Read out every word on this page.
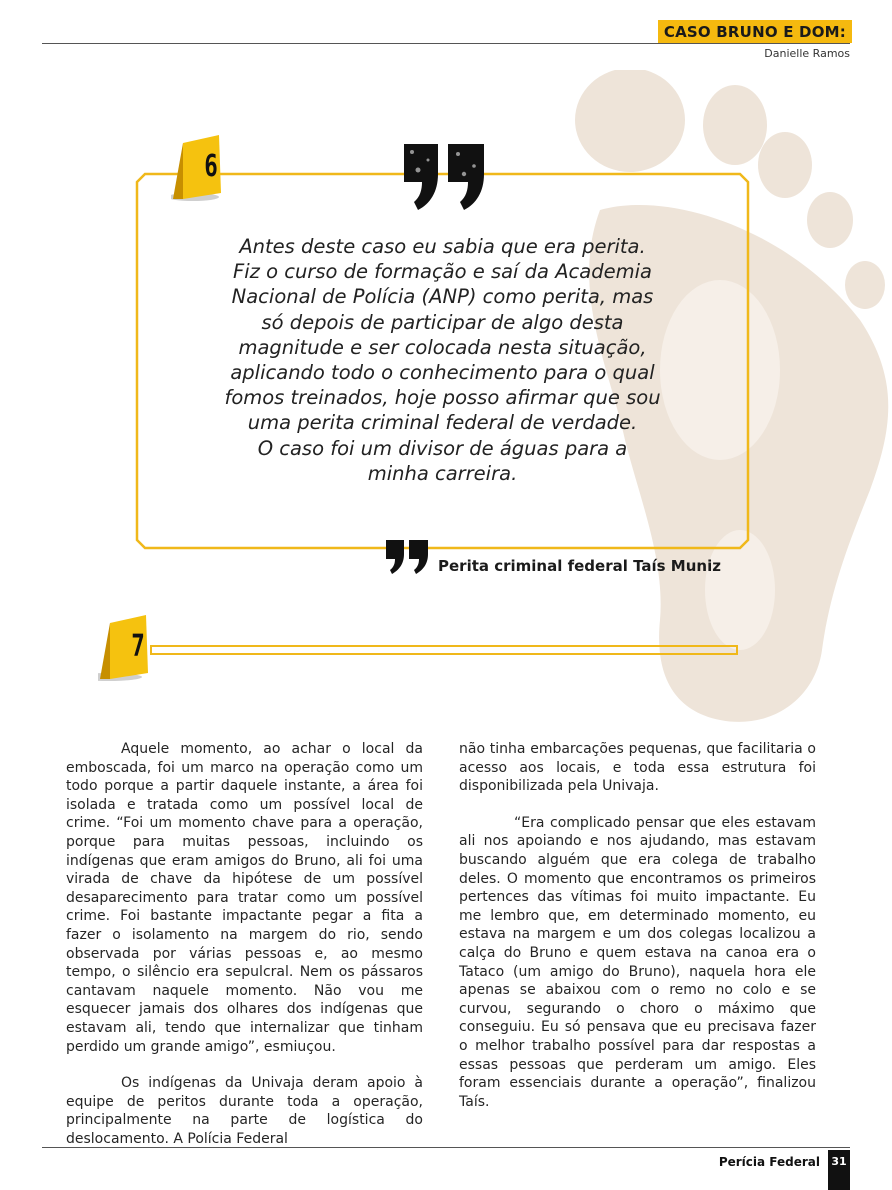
CASO BRUNO E DOM:
Danielle Ramos
6
Antes deste caso eu sabia que era perita.
Fiz o curso de formação e saí da Academia
Nacional de Polícia (ANP) como perita, mas
só depois de participar de algo desta
magnitude e ser colocada nesta situação,
aplicando todo o conhecimento para o qual
fomos treinados, hoje posso afirmar que sou
uma perita criminal federal de verdade.
O caso foi um divisor de águas para a
minha carreira.
Perita criminal federal Taís Muniz
7

Aquele momento, ao achar o local da emboscada, foi um marco na operação como um todo porque a partir daquele instante, a área foi isolada e tratada como um possível local de crime. “Foi um momento chave para a operação, porque para muitas pessoas, incluindo os indígenas que eram amigos do Bruno, ali foi uma virada de chave da hipótese de um possível desaparecimento para tratar como um possível crime. Foi bastante impactante pegar a fita a fazer o isolamento na margem do rio, sendo observada por várias pessoas e, ao mesmo tempo, o silêncio era sepulcral. Nem os pássaros cantavam naquele momento. Não vou me esquecer jamais dos olhares dos indígenas que estavam ali, tendo que internalizar que tinham perdido um grande amigo”, esmiuçou.

Os indígenas da Univaja deram apoio à equipe de peritos durante toda a operação, principalmente na parte de logística do deslocamento. A Polícia Federal

não tinha embarcações pequenas, que facilitaria o acesso aos locais, e toda essa estrutura foi disponibilizada pela Univaja.

“Era complicado pensar que eles estavam ali nos apoiando e nos ajudando, mas estavam buscando alguém que era colega de trabalho deles. O momento que encontramos os primeiros pertences das vítimas foi muito impactante. Eu me lembro que, em determinado momento, eu estava na margem e um dos colegas localizou a calça do Bruno e quem estava na canoa era o Tataco (um amigo do Bruno), naquela hora ele apenas se abaixou com o remo no colo e se curvou, segurando o choro o máximo que conseguiu. Eu só pensava que eu precisava fazer o melhor trabalho possível para dar respostas a essas pessoas que perderam um amigo. Eles foram essenciais durante a operação”, finalizou Taís.

Perícia Federal	31
